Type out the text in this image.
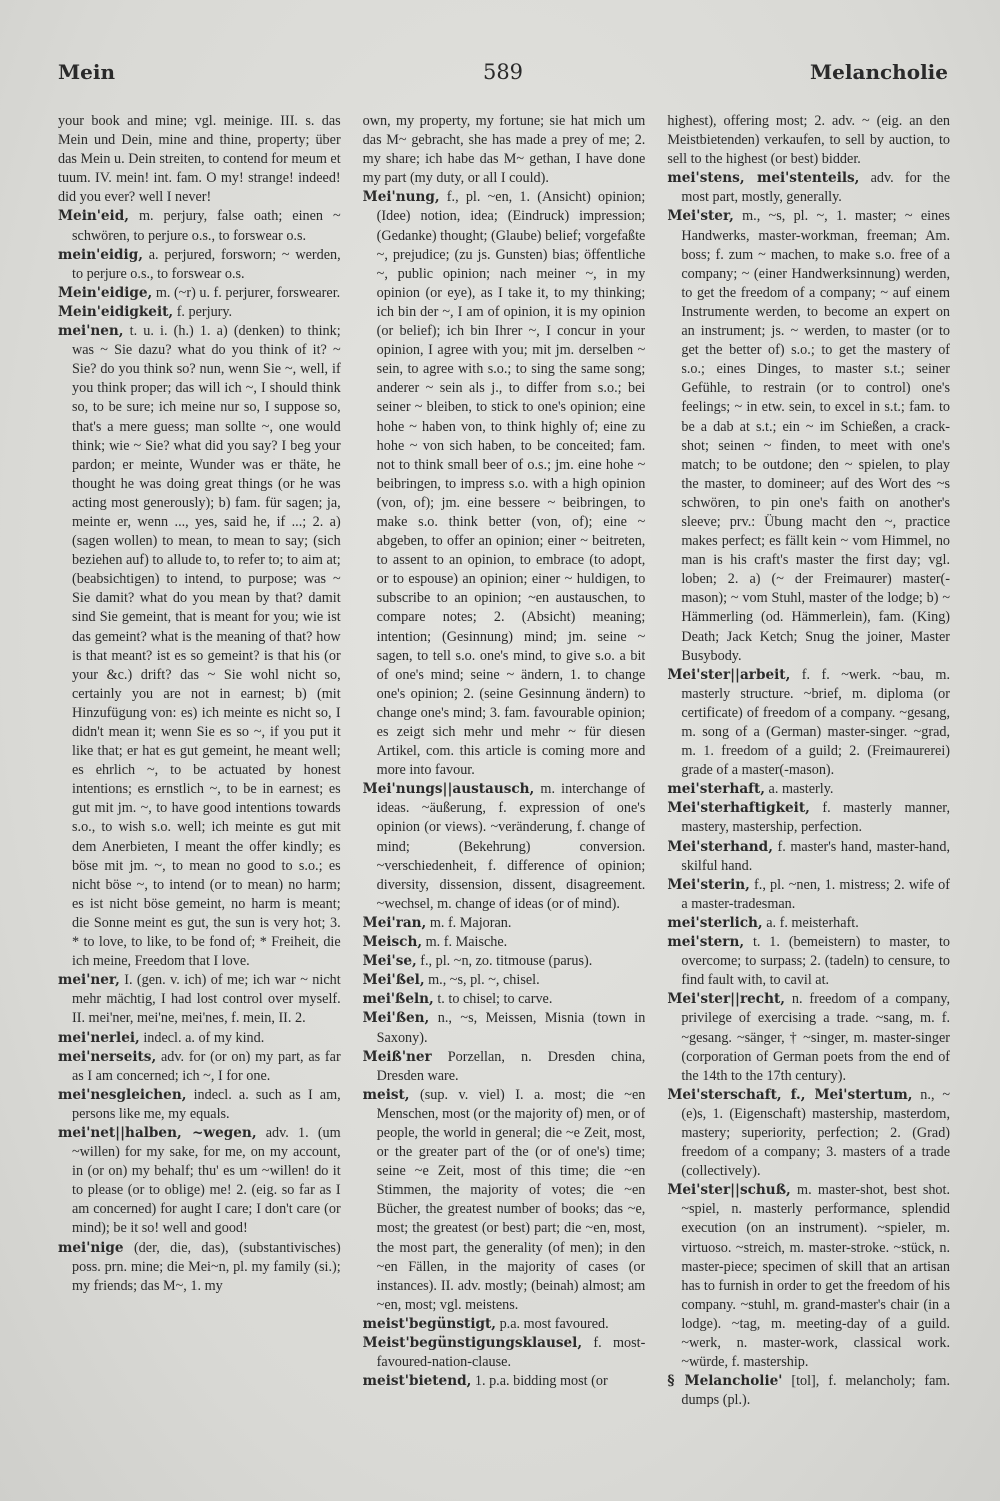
Mein	589	Melancholie

your book and mine; vgl. meinige. III. s. das Mein und Dein, mine and thine, property; über das Mein u. Dein streiten, to contend for meum et tuum. IV. mein! int. fam. O my! strange! indeed! did you ever? well I never!

Mein'eid, m. perjury, false oath; einen ~ schwören, to perjure o.s., to forswear o.s.

mein'eidig, a. perjured, forsworn; ~ werden, to perjure o.s., to forswear o.s.

Mein'eidige, m. (~r) u. f. perjurer, forswearer.

Mein'eidigkeit, f. perjury.

mei'nen, t. u. i. (h.) 1. a) (denken) to think; was ~ Sie dazu? what do you think of it? ~ Sie? do you think so? nun, wenn Sie ~, well, if you think proper; das will ich ~, I should think so, to be sure; ich meine nur so, I suppose so, that's a mere guess; man sollte ~, one would think; wie ~ Sie? what did you say? I beg your pardon; er meinte, Wunder was er thäte, he thought he was doing great things (or he was acting most generously); b) fam. für sagen; ja, meinte er, wenn ..., yes, said he, if ...; 2. a) (sagen wollen) to mean, to mean to say; (sich beziehen auf) to allude to, to refer to; to aim at; (beabsichtigen) to intend, to purpose; was ~ Sie damit? what do you mean by that? damit sind Sie gemeint, that is meant for you; wie ist das gemeint? what is the meaning of that? how is that meant? ist es so gemeint? is that his (or your &c.) drift? das ~ Sie wohl nicht so, certainly you are not in earnest; b) (mit Hinzufügung von: es) ich meinte es nicht so, I didn't mean it; wenn Sie es so ~, if you put it like that; er hat es gut gemeint, he meant well; es ehrlich ~, to be actuated by honest intentions; es ernstlich ~, to be in earnest; es gut mit jm. ~, to have good intentions towards s.o., to wish s.o. well; ich meinte es gut mit dem Anerbieten, I meant the offer kindly; es böse mit jm. ~, to mean no good to s.o.; es nicht böse ~, to intend (or to mean) no harm; es ist nicht böse gemeint, no harm is meant; die Sonne meint es gut, the sun is very hot; 3. * to love, to like, to be fond of; * Freiheit, die ich meine, Freedom that I love.

mei'ner, I. (gen. v. ich) of me; ich war ~ nicht mehr mächtig, I had lost control over myself. II. mei'ner, mei'ne, mei'nes, f. mein, II. 2.

mei'nerlei, indecl. a. of my kind.

mei'nerseits, adv. for (or on) my part, as far as I am concerned; ich ~, I for one.

mei'nesgleichen, indecl. a. such as I am, persons like me, my equals.

mei'net||halben, ~wegen, adv. 1. (um ~willen) for my sake, for me, on my account, in (or on) my behalf; thu' es um ~willen! do it to please (or to oblige) me! 2. (eig. so far as I am concerned) for aught I care; I don't care (or mind); be it so! well and good!

mei'nige (der, die, das), (substantivisches) poss. prn. mine; die Mei~n, pl. my family (si.); my friends; das M~, 1. my

own, my property, my fortune; sie hat mich um das M~ gebracht, she has made a prey of me; 2. my share; ich habe das M~ gethan, I have done my part (my duty, or all I could).

Mei'nung, f., pl. ~en, 1. (Ansicht) opinion; (Idee) notion, idea; (Eindruck) impression; (Gedanke) thought; (Glaube) belief; vorgefaßte ~, prejudice; (zu js. Gunsten) bias; öffentliche ~, public opinion; nach meiner ~, in my opinion (or eye), as I take it, to my thinking; ich bin der ~, I am of opinion, it is my opinion (or belief); ich bin Ihrer ~, I concur in your opinion, I agree with you; mit jm. derselben ~ sein, to agree with s.o.; to sing the same song; anderer ~ sein als j., to differ from s.o.; bei seiner ~ bleiben, to stick to one's opinion; eine hohe ~ haben von, to think highly of; eine zu hohe ~ von sich haben, to be conceited; fam. not to think small beer of o.s.; jm. eine hohe ~ beibringen, to impress s.o. with a high opinion (von, of); jm. eine bessere ~ beibringen, to make s.o. think better (von, of); eine ~ abgeben, to offer an opinion; einer ~ beitreten, to assent to an opinion, to embrace (to adopt, or to espouse) an opinion; einer ~ huldigen, to subscribe to an opinion; ~en austauschen, to compare notes; 2. (Absicht) meaning; intention; (Gesinnung) mind; jm. seine ~ sagen, to tell s.o. one's mind, to give s.o. a bit of one's mind; seine ~ ändern, 1. to change one's opinion; 2. (seine Gesinnung ändern) to change one's mind; 3. fam. favourable opinion; es zeigt sich mehr und mehr ~ für diesen Artikel, com. this article is coming more and more into favour.

Mei'nungs||austausch, m. interchange of ideas. ~äußerung, f. expression of one's opinion (or views). ~veränderung, f. change of mind; (Bekehrung) conversion. ~verschiedenheit, f. difference of opinion; diversity, dissension, dissent, disagreement. ~wechsel, m. change of ideas (or of mind).

Mei'ran, m. f. Majoran.

Meisch, m. f. Maische.

Mei'se, f., pl. ~n, zo. titmouse (parus).

Mei'ßel, m., ~s, pl. ~, chisel.

mei'ßeln, t. to chisel; to carve.

Mei'ßen, n., ~s, Meissen, Misnia (town in Saxony).

Meiß'ner Porzellan, n. Dresden china, Dresden ware.

meist, (sup. v. viel) I. a. most; die ~en Menschen, most (or the majority of) men, or of people, the world in general; die ~e Zeit, most, or the greater part of the (or of one's) time; seine ~e Zeit, most of this time; die ~en Stimmen, the majority of votes; die ~en Bücher, the greatest number of books; das ~e, most; the greatest (or best) part; die ~en, most, the most part, the generality (of men); in den ~en Fällen, in the majority of cases (or instances). II. adv. mostly; (beinah) almost; am ~en, most; vgl. meistens.

meist'begünstigt, p.a. most favoured.

Meist'begünstigungsklausel, f. most-favoured-nation-clause.

meist'bietend, 1. p.a. bidding most (or

highest), offering most; 2. adv. ~ (eig. an den Meistbietenden) verkaufen, to sell by auction, to sell to the highest (or best) bidder.

mei'stens, mei'stenteils, adv. for the most part, mostly, generally.

Mei'ster, m., ~s, pl. ~, 1. master; ~ eines Handwerks, master-workman, freeman; Am. boss; f. zum ~ machen, to make s.o. free of a company; ~ (einer Handwerksinnung) werden, to get the freedom of a company; ~ auf einem Instrumente werden, to become an expert on an instrument; js. ~ werden, to master (or to get the better of) s.o.; to get the mastery of s.o.; eines Dinges, to master s.t.; seiner Gefühle, to restrain (or to control) one's feelings; ~ in etw. sein, to excel in s.t.; fam. to be a dab at s.t.; ein ~ im Schießen, a crack-shot; seinen ~ finden, to meet with one's match; to be outdone; den ~ spielen, to play the master, to domineer; auf des Wort des ~s schwören, to pin one's faith on another's sleeve; prv.: Übung macht den ~, practice makes perfect; es fällt kein ~ vom Himmel, no man is his craft's master the first day; vgl. loben; 2. a) (~ der Freimaurer) master(-mason); ~ vom Stuhl, master of the lodge; b) ~ Hämmerling (od. Hämmerlein), fam. (King) Death; Jack Ketch; Snug the joiner, Master Busybody.

Mei'ster||arbeit, f. f. ~werk. ~bau, m. masterly structure. ~brief, m. diploma (or certificate) of freedom of a company. ~gesang, m. song of a (German) master-singer. ~grad, m. 1. freedom of a guild; 2. (Freimaurerei) grade of a master(-mason).

mei'sterhaft, a. masterly.

Mei'sterhaftigkeit, f. masterly manner, mastery, mastership, perfection.

Mei'sterhand, f. master's hand, master-hand, skilful hand.

Mei'sterin, f., pl. ~nen, 1. mistress; 2. wife of a master-tradesman.

mei'sterlich, a. f. meisterhaft.

mei'stern, t. 1. (bemeistern) to master, to overcome; to surpass; 2. (tadeln) to censure, to find fault with, to cavil at.

Mei'ster||recht, n. freedom of a company, privilege of exercising a trade. ~sang, m. f. ~gesang. ~sänger, † ~singer, m. master-singer (corporation of German poets from the end of the 14th to the 17th century).

Mei'sterschaft, f., Mei'stertum, n., ~(e)s, 1. (Eigenschaft) mastership, masterdom, mastery; superiority, perfection; 2. (Grad) freedom of a company; 3. masters of a trade (collectively).

Mei'ster||schuß, m. master-shot, best shot. ~spiel, n. masterly performance, splendid execution (on an instrument). ~spieler, m. virtuoso. ~streich, m. master-stroke. ~stück, n. master-piece; specimen of skill that an artisan has to furnish in order to get the freedom of his company. ~stuhl, m. grand-master's chair (in a lodge). ~tag, m. meeting-day of a guild. ~werk, n. master-work, classical work. ~würde, f. mastership.

§ Melancholie' [tol], f. melancholy; fam. dumps (pl.).
